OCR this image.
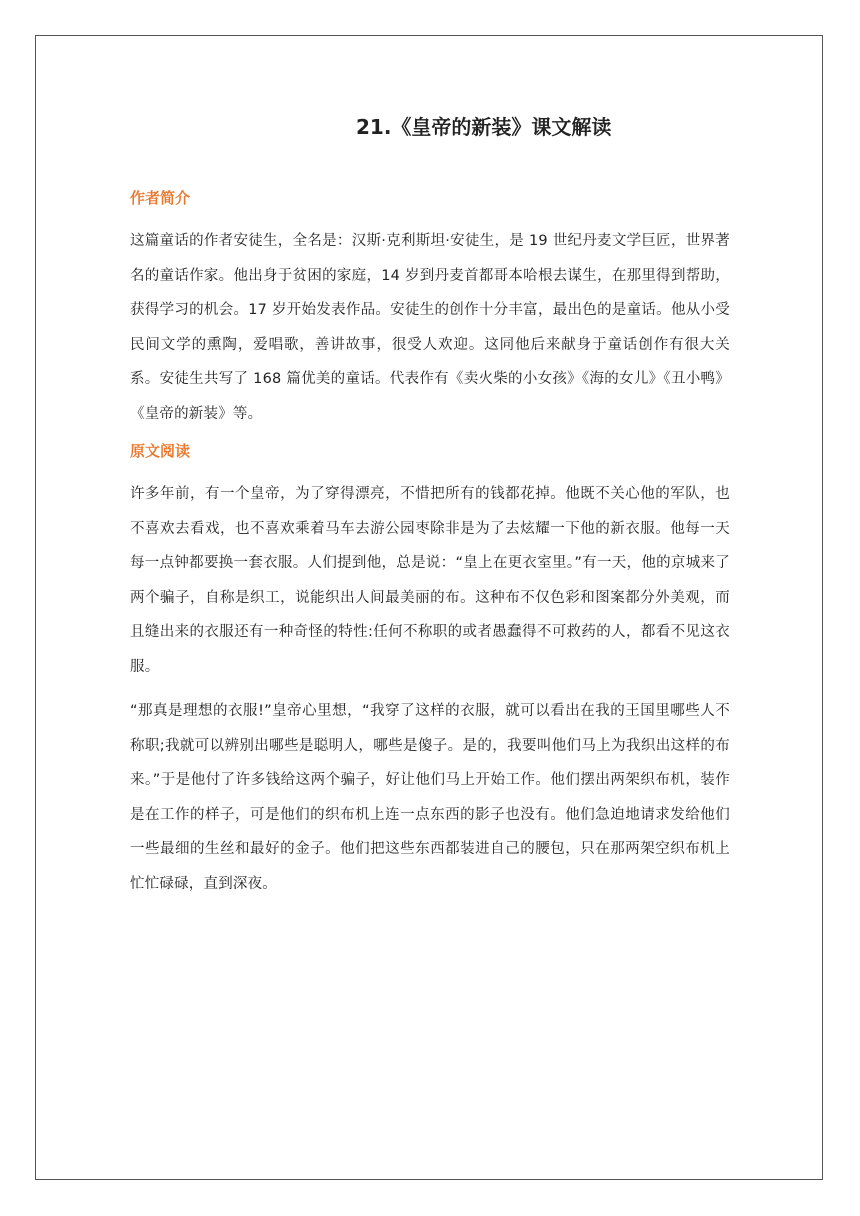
21.《皇帝的新装》课文解读
作者简介

这篇童话的作者安徒生，全名是：汉斯·克利斯坦·安徒生，是 19 世纪丹麦文学巨匠，世界著名的童话作家。他出身于贫困的家庭，14 岁到丹麦首都哥本哈根去谋生，在那里得到帮助，获得学习的机会。17 岁开始发表作品。安徒生的创作十分丰富，最出色的是童话。他从小受民间文学的熏陶，爱唱歌，善讲故事，很受人欢迎。这同他后来献身于童话创作有很大关系。安徒生共写了 168 篇优美的童话。代表作有《卖火柴的小女孩》《海的女儿》《丑小鸭》《皇帝的新装》等。

原文阅读

许多年前，有一个皇帝，为了穿得漂亮，不惜把所有的钱都花掉。他既不关心他的军队，也不喜欢去看戏，也不喜欢乘着马车去游公园枣除非是为了去炫耀一下他的新衣服。他每一天每一点钟都要换一套衣服。人们提到他，总是说：“皇上在更衣室里。”有一天，他的京城来了两个骗子，自称是织工，说能织出人间最美丽的布。这种布不仅色彩和图案都分外美观，而且缝出来的衣服还有一种奇怪的特性:任何不称职的或者愚蠢得不可救药的人，都看不见这衣服。

“那真是理想的衣服!”皇帝心里想，“我穿了这样的衣服，就可以看出在我的王国里哪些人不称职;我就可以辨别出哪些是聪明人，哪些是傻子。是的，我要叫他们马上为我织出这样的布来。”于是他付了许多钱给这两个骗子，好让他们马上开始工作。他们摆出两架织布机，装作是在工作的样子，可是他们的织布机上连一点东西的影子也没有。他们急迫地请求发给他们一些最细的生丝和最好的金子。他们把这些东西都装进自己的腰包，只在那两架空织布机上忙忙碌碌，直到深夜。
